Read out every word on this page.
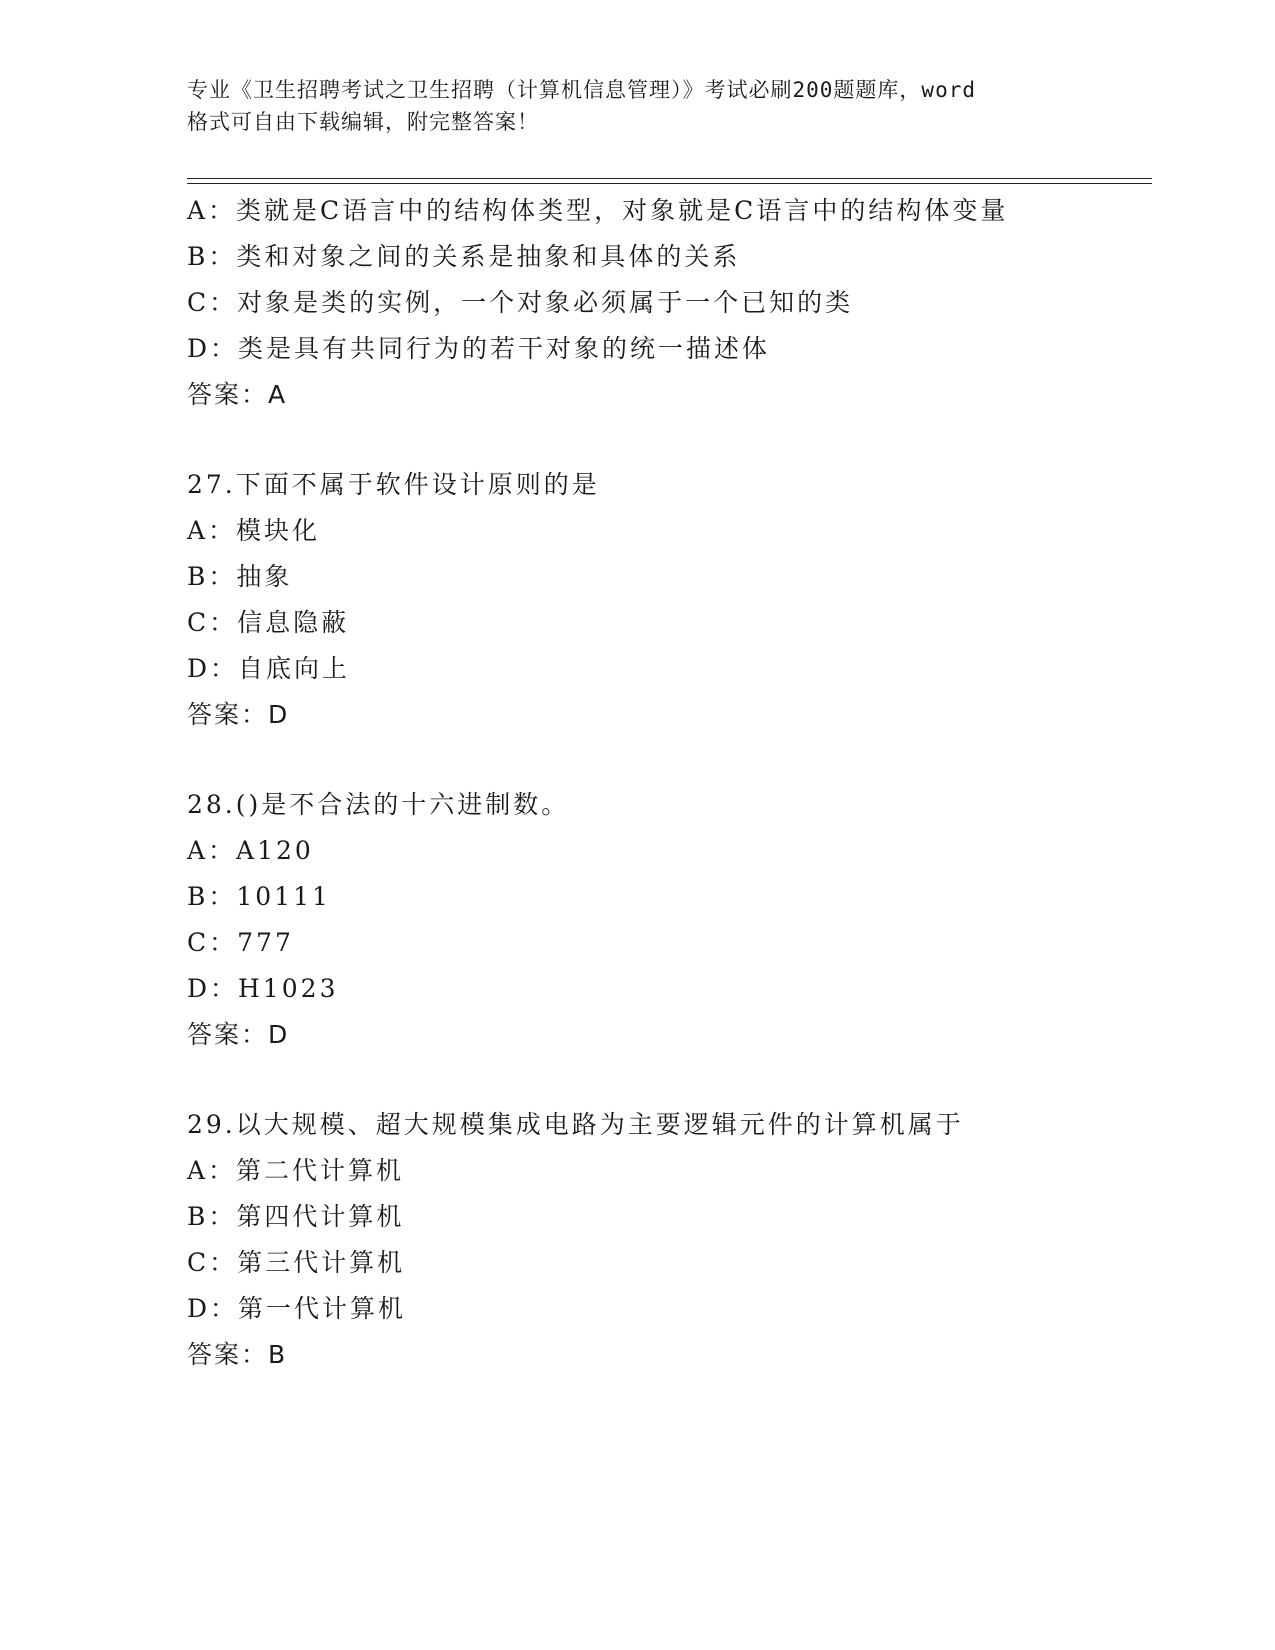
专业《卫生招聘考试之卫生招聘（计算机信息管理）》考试必刷200题题库，word

格式可自由下载编辑，附完整答案！

A：类就是C语言中的结构体类型，对象就是C语言中的结构体变量
B：类和对象之间的关系是抽象和具体的关系
C：对象是类的实例，一个对象必须属于一个已知的类
D：类是具有共同行为的若干对象的统一描述体
答案：A
27.下面不属于软件设计原则的是
A：模块化
B：抽象
C：信息隐蔽
D：自底向上
答案：D
28.()是不合法的十六进制数。
A：A120
B：10111
C：777
D：H1023
答案：D
29.以大规模、超大规模集成电路为主要逻辑元件的计算机属于
A：第二代计算机
B：第四代计算机
C：第三代计算机
D：第一代计算机
答案：B
